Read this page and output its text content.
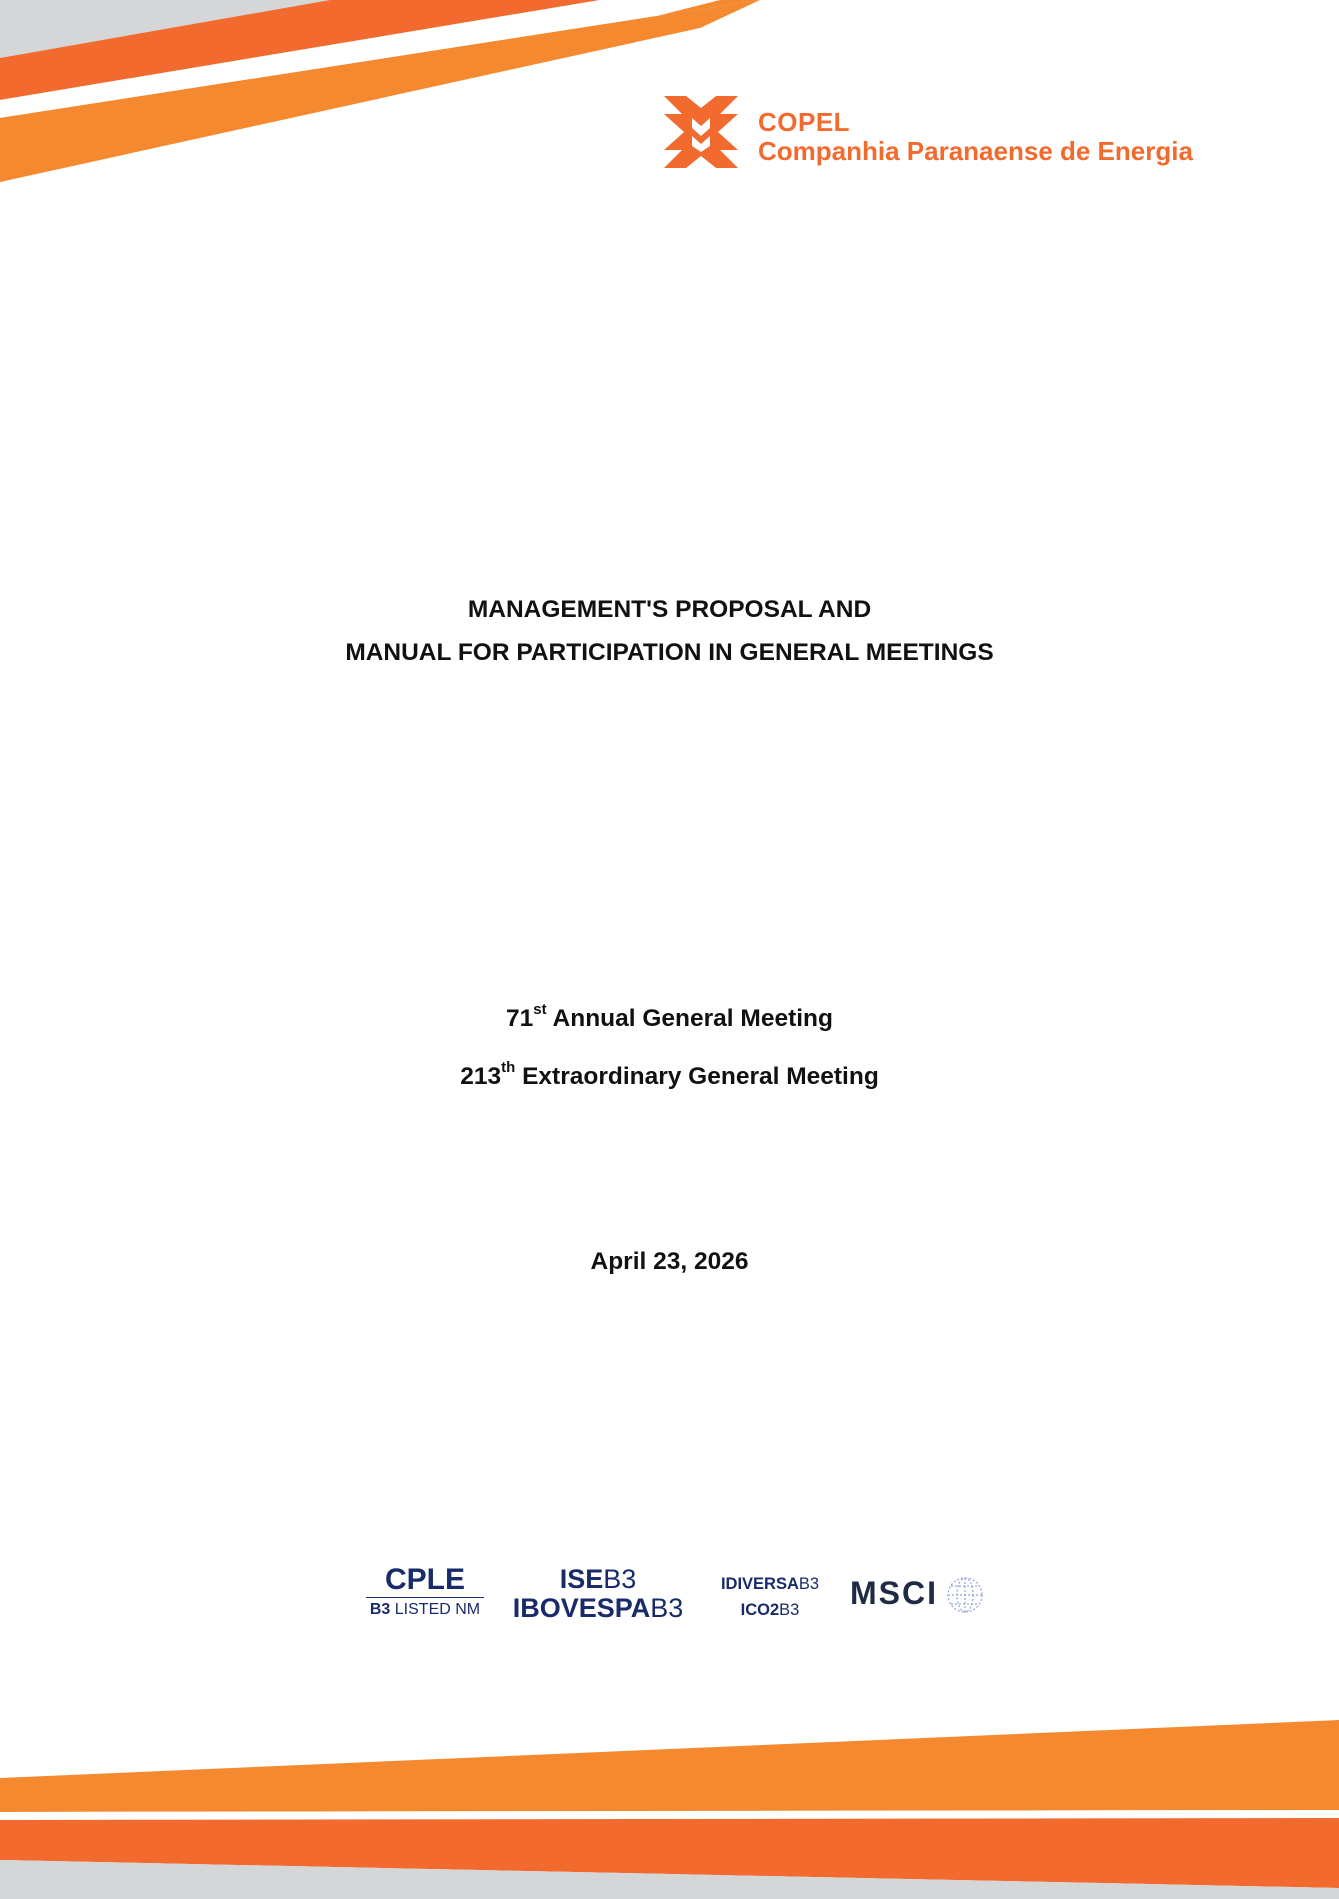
COPEL
Companhia Paranaense de Energia
MANAGEMENT'S PROPOSAL AND
MANUAL FOR PARTICIPATION IN GENERAL MEETINGS
71st Annual General Meeting
213th Extraordinary General Meeting
April 23, 2026
CPLE
B3 LISTED NM
ISEB3
IBOVESPAB3
IDIVERSAB3
ICO2B3	MSCI
